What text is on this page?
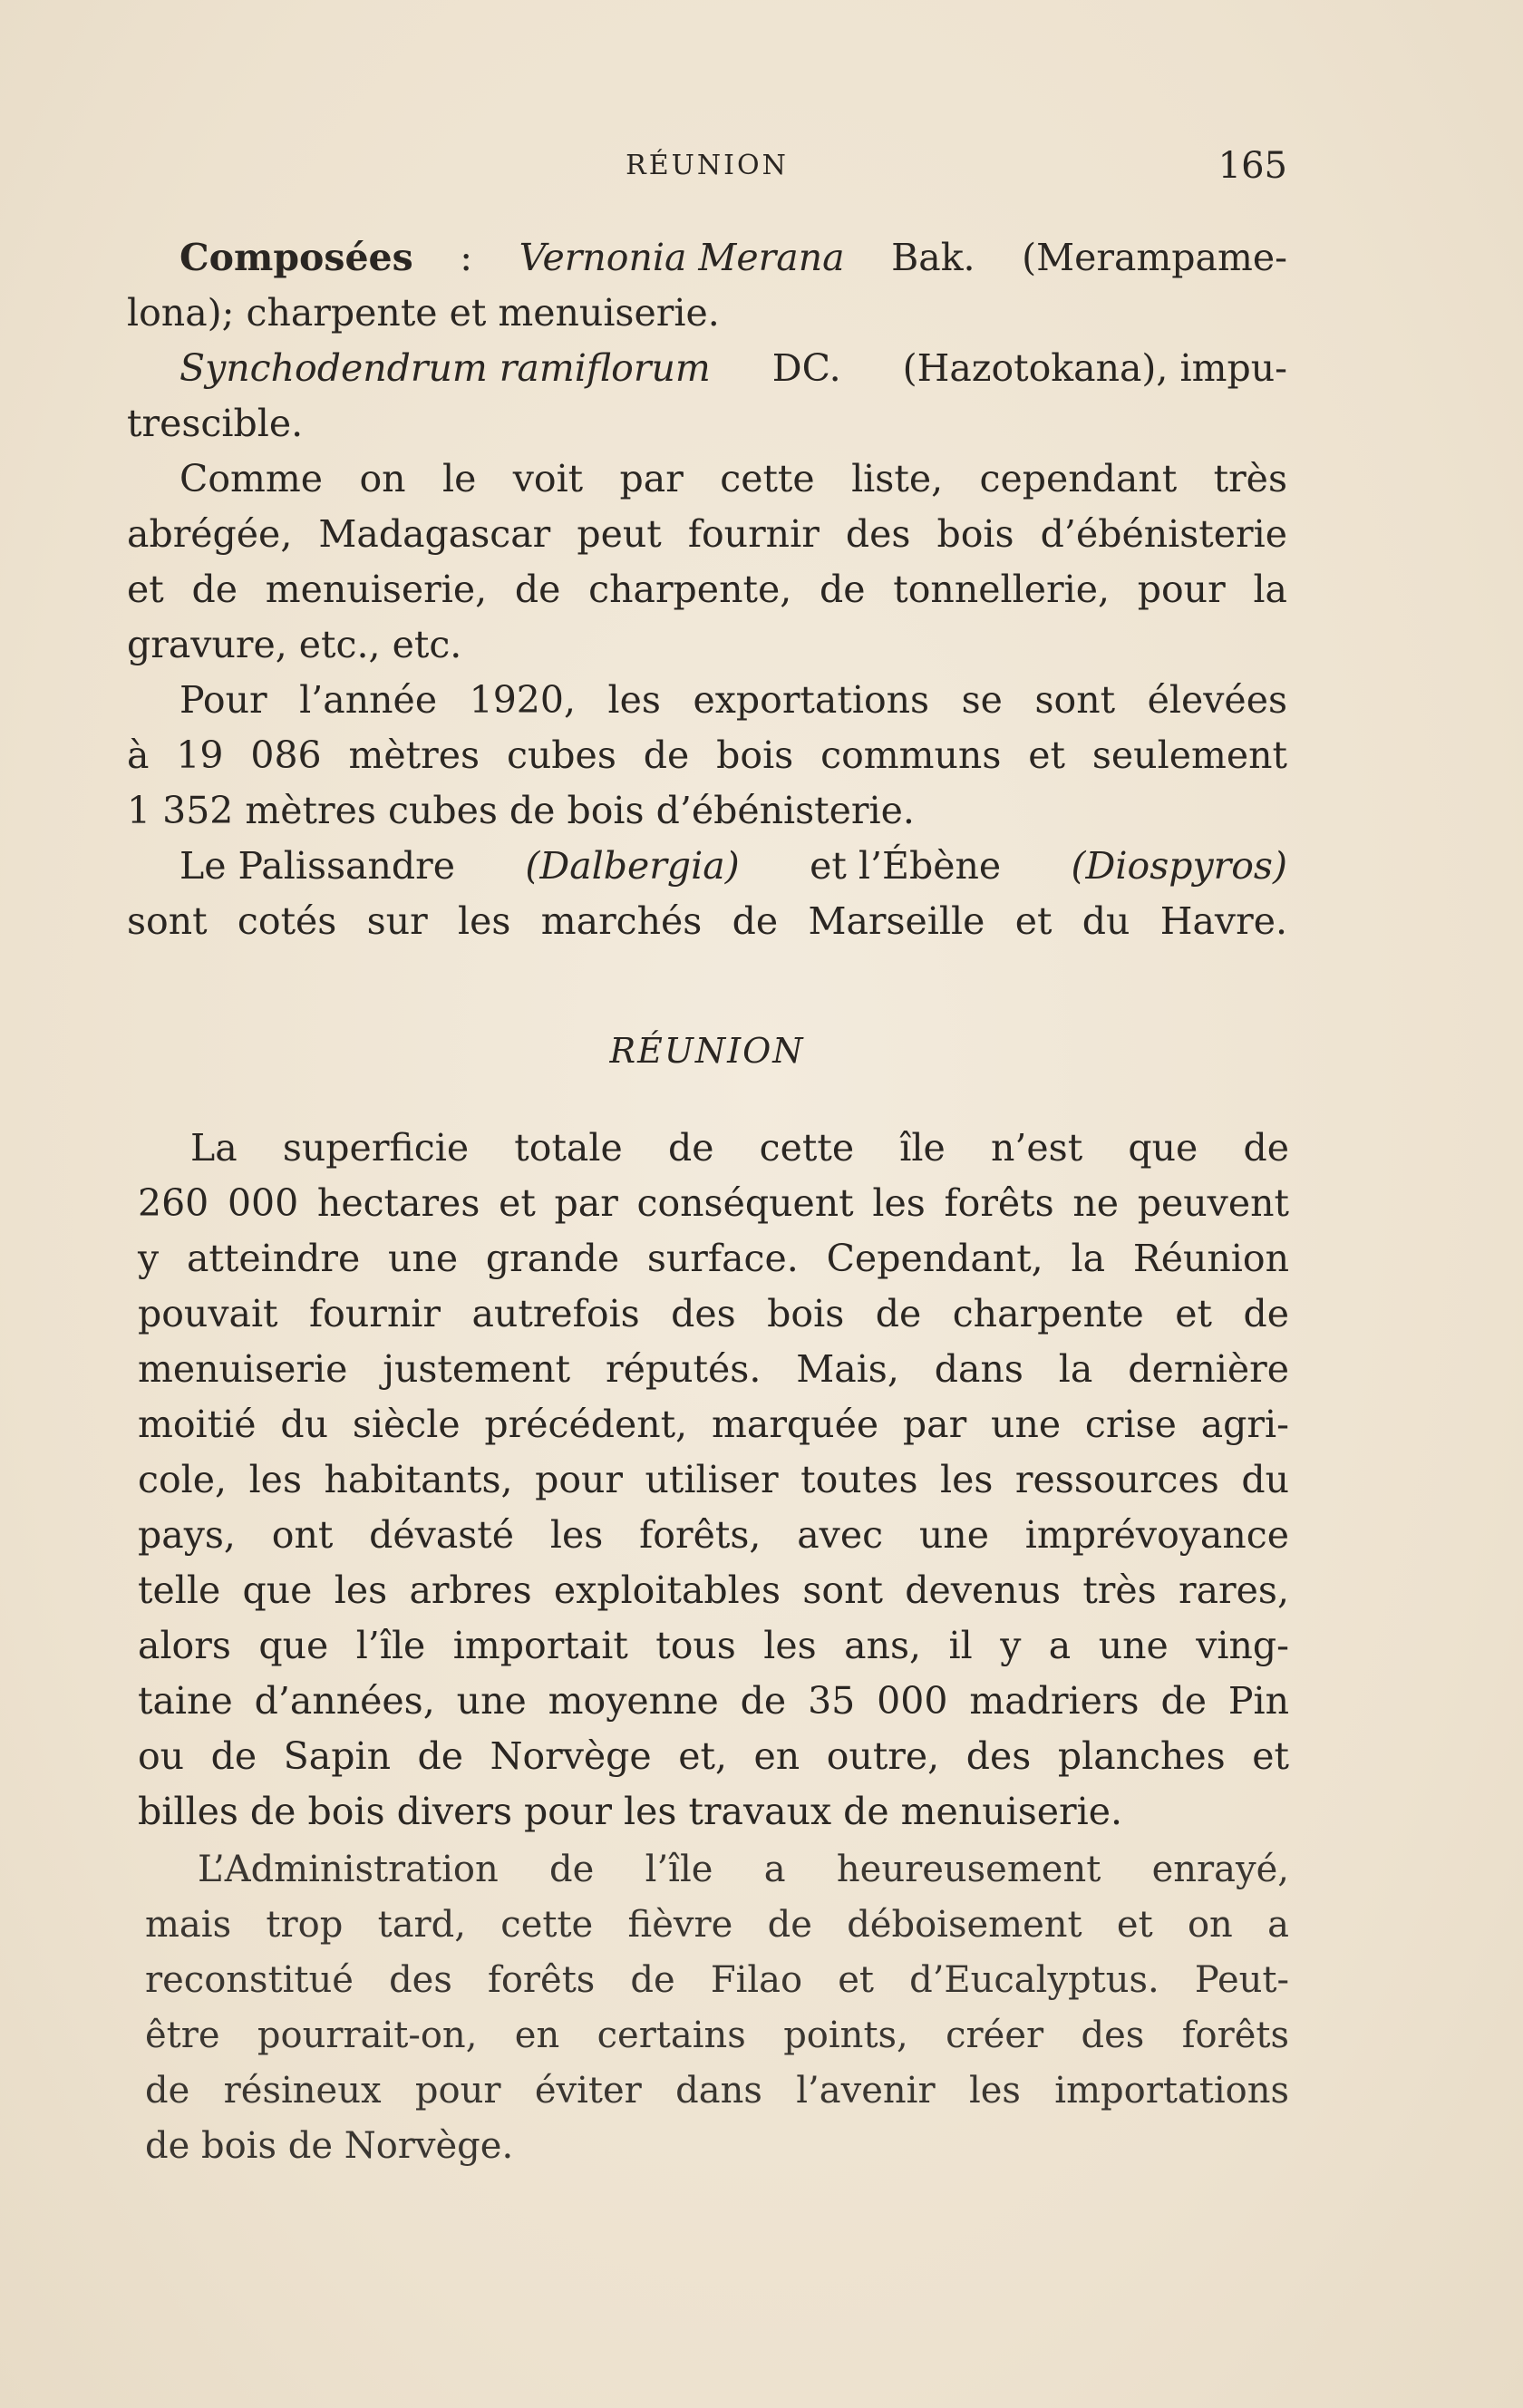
RÉUNION	165
Composées : Vernonia Merana Bak. (Merampame-
lona); charpente et menuiserie.
Synchodendrum ramiflorum DC. (Hazotokana), impu-
trescible.
Comme on le voit par cette liste, cependant très
abrégée, Madagascar peut fournir des bois d’ébénisterie
et de menuiserie, de charpente, de tonnellerie, pour la
gravure, etc., etc.
Pour l’année 1920, les exportations se sont élevées
à 19 086 mètres cubes de bois communs et seulement
1 352 mètres cubes de bois d’ébénisterie.
Le Palissandre (Dalbergia) et l’Ébène (Diospyros)
sont cotés sur les marchés de Marseille et du Havre.
RÉUNION
La superficie totale de cette île n’est que de
260 000 hectares et par conséquent les forêts ne peuvent
y atteindre une grande surface. Cependant, la Réunion
pouvait fournir autrefois des bois de charpente et de
menuiserie justement réputés. Mais, dans la dernière
moitié du siècle précédent, marquée par une crise agri-
cole, les habitants, pour utiliser toutes les ressources du
pays, ont dévasté les forêts, avec une imprévoyance
telle que les arbres exploitables sont devenus très rares,
alors que l’île importait tous les ans, il y a une ving-
taine d’années, une moyenne de 35 000 madriers de Pin
ou de Sapin de Norvège et, en outre, des planches et
billes de bois divers pour les travaux de menuiserie.
L’Administration de l’île a heureusement enrayé,
mais trop tard, cette fièvre de déboisement et on a
reconstitué des forêts de Filao et d’Eucalyptus. Peut-
être pourrait-on, en certains points, créer des forêts
de résineux pour éviter dans l’avenir les importations
de bois de Norvège.
